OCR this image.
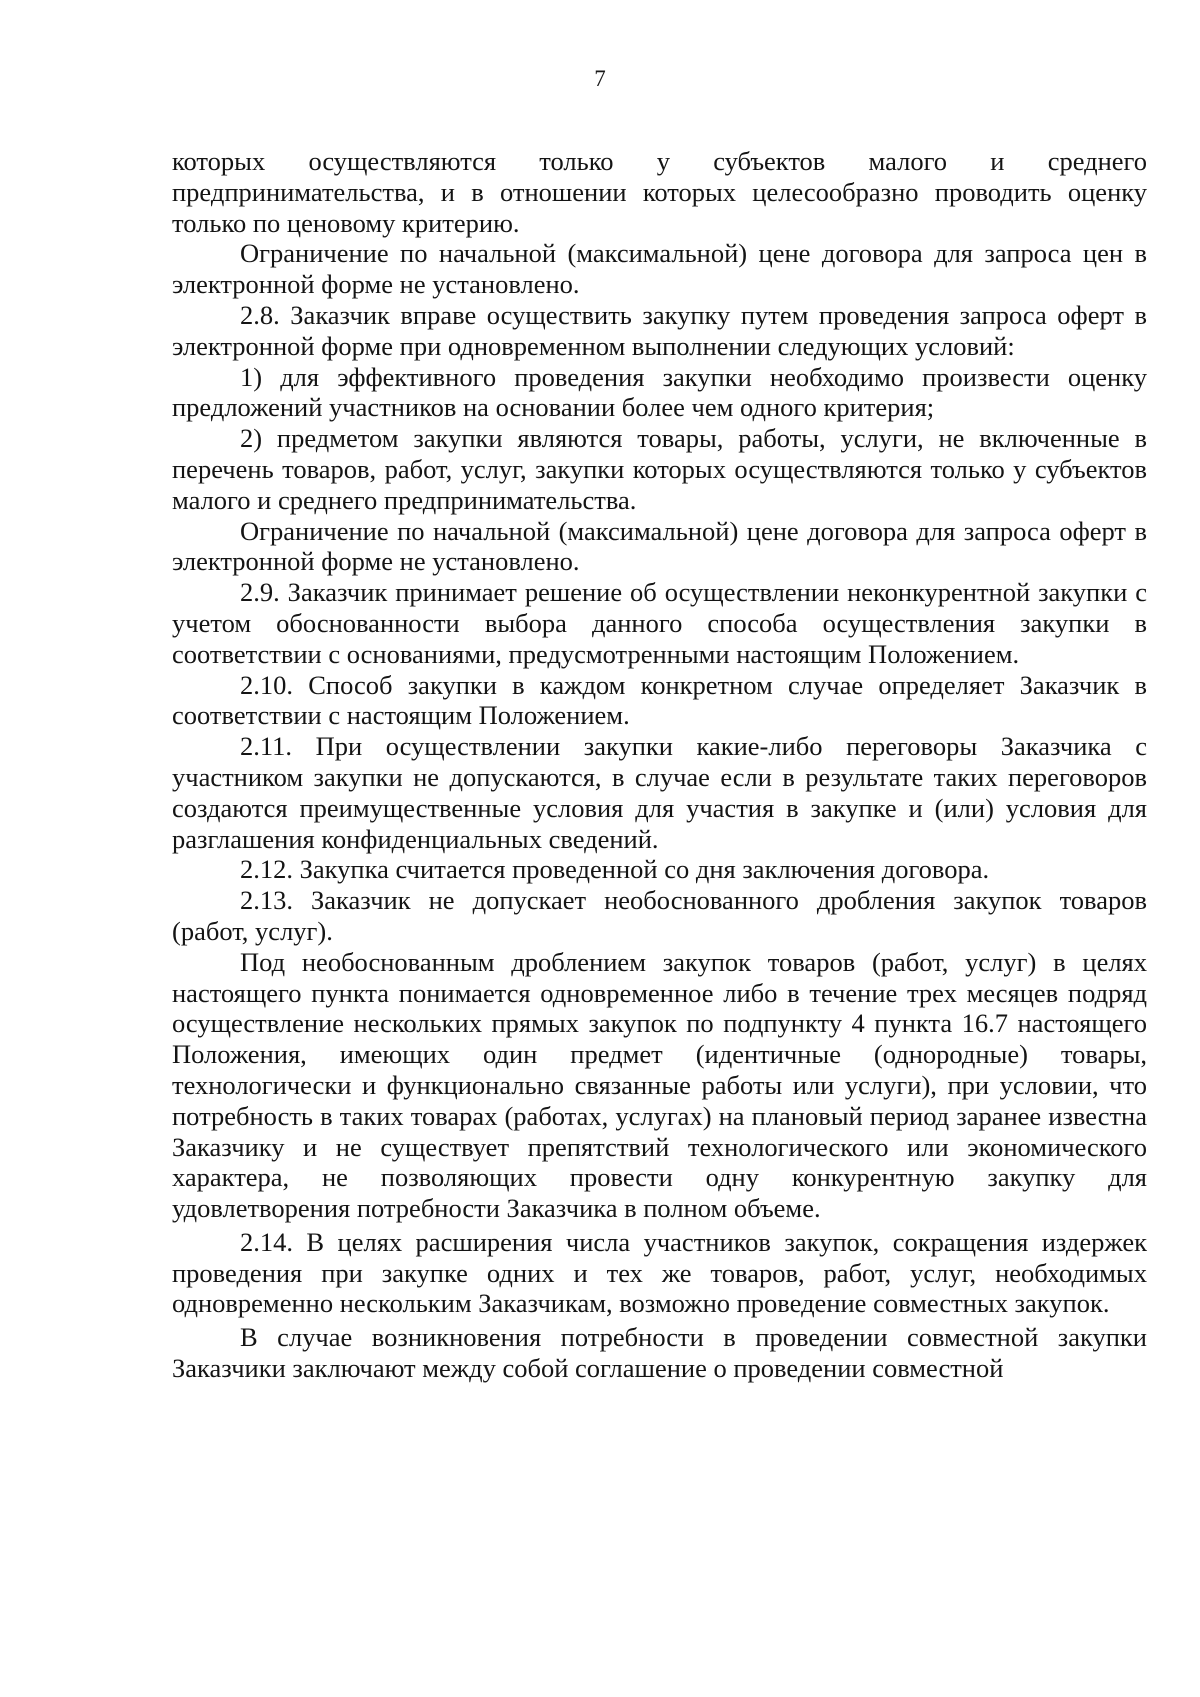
7

которых осуществляются только у субъектов малого и среднего предпринимательства, и в отношении которых целесообразно проводить оценку только по ценовому критерию.

Ограничение по начальной (максимальной) цене договора для запроса цен в электронной форме не установлено.

2.8. Заказчик вправе осуществить закупку путем проведения запроса оферт в электронной форме при одновременном выполнении следующих условий:

1) для эффективного проведения закупки необходимо произвести оценку предложений участников на основании более чем одного критерия;

2) предметом закупки являются товары, работы, услуги, не включенные в перечень товаров, работ, услуг, закупки которых осуществляются только у субъектов малого и среднего предпринимательства.

Ограничение по начальной (максимальной) цене договора для запроса оферт в электронной форме не установлено.

2.9. Заказчик принимает решение об осуществлении неконкурентной закупки с учетом обоснованности выбора данного способа осуществления закупки в соответствии с основаниями, предусмотренными настоящим Положением.

2.10. Способ закупки в каждом конкретном случае определяет Заказчик в соответствии с настоящим Положением.

2.11. При осуществлении закупки какие-либо переговоры Заказчика с участником закупки не допускаются, в случае если в результате таких переговоров создаются преимущественные условия для участия в закупке и (или) условия для разглашения конфиденциальных сведений.

2.12. Закупка считается проведенной со дня заключения договора.

2.13. Заказчик не допускает необоснованного дробления закупок товаров (работ, услуг).

Под необоснованным дроблением закупок товаров (работ, услуг) в целях настоящего пункта понимается одновременное либо в течение трех месяцев подряд осуществление нескольких прямых закупок по подпункту 4 пункта 16.7 настоящего Положения, имеющих один предмет (идентичные (однородные) товары, технологически и функционально связанные работы или услуги), при условии, что потребность в таких товарах (работах, услугах) на плановый период заранее известна Заказчику и не существует препятствий технологического или экономического характера, не позволяющих провести одну конкурентную закупку для удовлетворения потребности Заказчика в полном объеме.

2.14. В целях расширения числа участников закупок, сокращения издержек проведения при закупке одних и тех же товаров, работ, услуг, необходимых одновременно нескольким Заказчикам, возможно проведение совместных закупок.

В случае возникновения потребности в проведении совместной закупки Заказчики заключают между собой соглашение о проведении совместной
